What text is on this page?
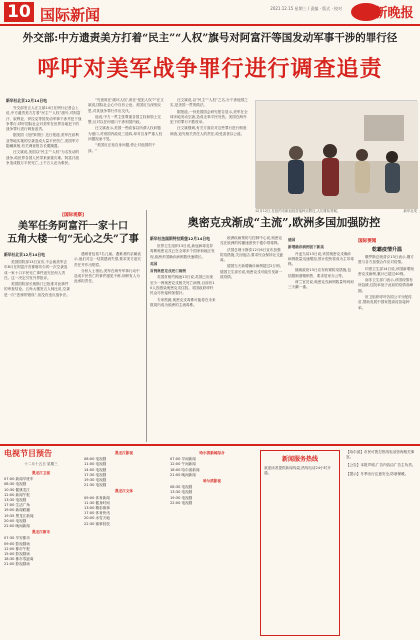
10 国际新闻	2021.12.15 星期三 / 责编 · 版式 · 校对 新晚报
外交部:中方遗责美方打着“民主”“人权”旗号对阿富汗等国发动军事干涉的罪行径
呼吁对美军战争罪行进行调查追责
新华社北京12月14日电

外交部发言人汪文斌14日在例行记者会上说,中方谴责美方打着“民主”“人权”旗号,对阿富汗、叙利亚、伊拉克等国发动军事干涉并犯下战争罪行,呼吁国际社会对美军在世界各地犯下的战争罪行进行调查追责。

据美国《纽约时报》近日报道,美军在叙利亚等地实施的空袭造成大量平民伤亡,美国军方隐瞒真相,有关调查报告长期搁置。

汪文斌说,美国以“民主”“人权”为名发动的战争,给世界各国人民带来深重灾难。阿富汗战争造成数万平民死亡,上千万人沦为难民。

“究竟谁在‘破坏人权’,谁在‘侵犯人权’?”汪文斌说,国际社会心中自有公论。美国应当深刻反思,对其战争罪行作出交代。

他说,中方一贯主张尊重各国主权和领土完整,反对以任何借口干涉别国内政。

汪文斌表示,美国一些政客以所谓人权问题为借口,对别国内政说三道四,却对自身严重人权问题视而不见。

“美国应正视自身问题,停止对他国的干涉。”

汪文斌说,以“民主”“人权”之名,行干涉他国之实,是美国一贯的做法。

据报道,一份美国国会研究报告显示,美军在全球多地发动空袭,造成无辜平民死伤。美国在海外犯下的罪行不胜枚举。

汪文斌强调,有关方面应对这些罪行进行彻底调查,追究相关责任人的责任,给受害者以公道。

12月12日,在纽约市新冠疫苗接种点附近,人们排队等候。	新华社发
[国际观察]
美军任务阿富汗一家十口
五角大楼一句“无心之失”了事
新华社北京12月14日电

美国国防部13日宣布,不会就美军去年8月在阿富汗首都喀布尔的一次空袭造成一家十口平民死亡事件追究任何人责任。这一决定引发外界批评。

美国国防部长奥斯汀已批准对此事件的审查结论。五角大楼发言人柯比说,空袭是一次“悲惨的错误”,但没有违反战争法。

遇难者包括7名儿童。遇难者的亲属表示,他们对这一结果感到失望,要求美方追究责任并作出赔偿。

分析人士指出,美军在海外军事行动中造成平民伤亡的事件屡见不鲜,却鲜有人为此承担责任。

奥密克戎渐成“主流”,欧洲多国加强防控
新华社法国斯特拉斯堡12月14日电

世界卫生组织13日说,新冠病毒变异毒株奥密克戎已在全球多个国家和地区发现,欧洲多国确诊病例数快速增长。

英国

首例奥密克戎死亡病例

英国首相约翰逊13日说,英国已出现至少一例奥密克戎相关死亡病例,目前有10人因感染奥密克戎住院。英国政府呼吁民众尽快接种加强针。

专家预测,奥密克戎毒株可能将在未来数周内成为欧洲的主流毒株。

欧洲疾病预防与控制中心说,奥密克戎在欧洲的传播速度快于德尔塔毒株。

法国总理卡斯泰12月6日宣布加强防疫措施,关闭夜店,要求民众保持社交距离。

德国当天新增确诊病例超过2万例。德国卫生部长说,奥密克戎可能引发新一波疫情。

德国

新增确诊病例创下新高

丹麦当局13日说,该国奥密克戎确诊病例数量迅速增加,预计很快将成为主导毒株。

挪威政府13日宣布收紧防疫措施,包括限制酒精销售、要求居家办公等。

荷兰官员说,奥密克戎病例数量每两到三天翻一番。

国际要闻
乾霸疫情升温

俄罗斯总统普京13日表示,俄方愿与各方加强合作应对疫情。

印度卫生部14日说,该国新增奥密克戎病例,累计已超过40例。

南非卫生部门表示,该国疫情有所趋缓,住院率低于此前的疫情高峰期。

世卫组织呼吁各国公平分配疫苗,帮助发展中国家提高疫苗接种率。

电视节目预告
十二月十五日 星期三
黑龙江卫视
07:00 新闻早班车
08:30 电视剧
10:30 健康龙江
12:00 新闻午报
13:30 电视剧
17:00 生活广角
19:00 新闻联播
19:35 黑龙江新闻
20:00 电视剧
22:00 晚间新闻
黑龙江都市
07:30 早安都市
09:00 影视剧场
12:00 都市午报
15:00 影视剧场
18:30 都市零距离
21:00 影视剧场
黑龙江影视
08:00 电视剧
11:00 电视剧
14:00 电视剧
17:30 电视剧
19:30 电视剧
21:30 电视剧
黑龙江文体
09:00 体育新闻
11:30 健身时间
13:00 精彩赛事
17:00 体育快讯
20:00 冰雪天地
22:30 赛事回放
哈尔滨新闻综合
07:00 早间新闻
12:00 午间新闻
18:00 哈尔滨新闻
21:00 晚间新闻
哈尔滨影视
08:30 电视剧
13:30 电视剧
19:30 电视剧
22:00 电视剧
新闻服务热线
欢迎读者提供新闻线索,热线电话24小时开通。
【哈尔滨】市民可拨打热线电话咨询相关事宜。
【公告】本报声明,广告内容由广告主负责。
【提示】冬季出行注意安全,防寒保暖。
